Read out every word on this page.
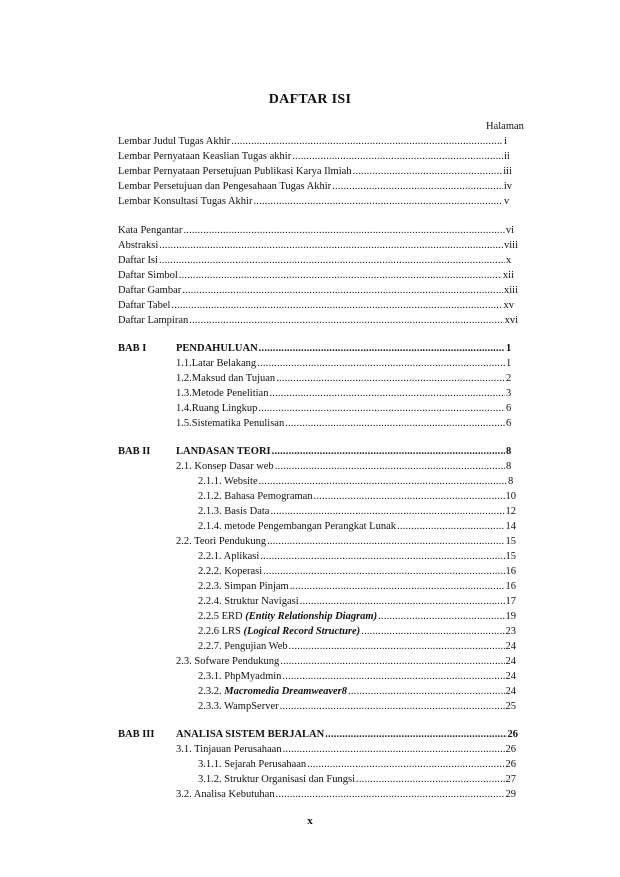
DAFTAR ISI
Halaman
Lembar Judul Tugas Akhir .....	i
Lembar Pernyataan Keaslian Tugas akhir .....	ii
Lembar Pernyataan Persetujuan Publikasi Karya Ilmiah .....	iii
Lembar Persetujuan dan Pengesahaan Tugas Akhir .....	iv
Lembar Konsultasi Tugas Akhir .....	v
Kata Pengantar .....	vi
Abstraksi .....	viii
Daftar Isi .....	x
Daftar Simbol .....	xii
Daftar Gambar .....	xiii
Daftar Tabel .....	xv
Daftar Lampiran .....	xvi
BAB I	PENDAHULUAN .....	1
1.1.Latar Belakang .....	1
1.2.Maksud dan Tujuan .....	2
1.3.Metode Penelitian .....	3
1.4.Ruang Lingkup .....	6
1.5.Sistematika Penulisan .....	6
BAB II LANDASAN TEORI .....	8
2.1. Konsep Dasar web .....	8
2.1.1. Website .....	8
2.1.2. Bahasa Pemograman .....	10
2.1.3. Basis Data .....	12
2.1.4. metode Pengembangan Perangkat Lunak .....	14
2.2. Teori Pendukung .....	15
2.2.1. Aplikasi .....	15
2.2.2. Koperasi .....	16
2.2.3. Simpan Pinjam .....	16
2.2.4. Struktur Navigasi .....	17
2.2.5 ERD (Entity Relationship Diagram) .....	19
2.2.6 LRS (Logical Record Structure) .....	23
2.2.7. Pengujian Web .....	24
2.3. Sofware Pendukung .....	24
2.3.1. PhpMyadmin .....	24
2.3.2. Macromedia Dreamweaver8 .....	24
2.3.3. WampServer .....	25
BAB III ANALISA SISTEM BERJALAN .....	26
3.1. Tinjauan Perusahaan .....	26
3.1.1. Sejarah Perusahaan .....	26
3.1.2. Struktur Organisasi dan Fungsi .....	27
3.2. Analisa Kebutuhan .....	29
x
